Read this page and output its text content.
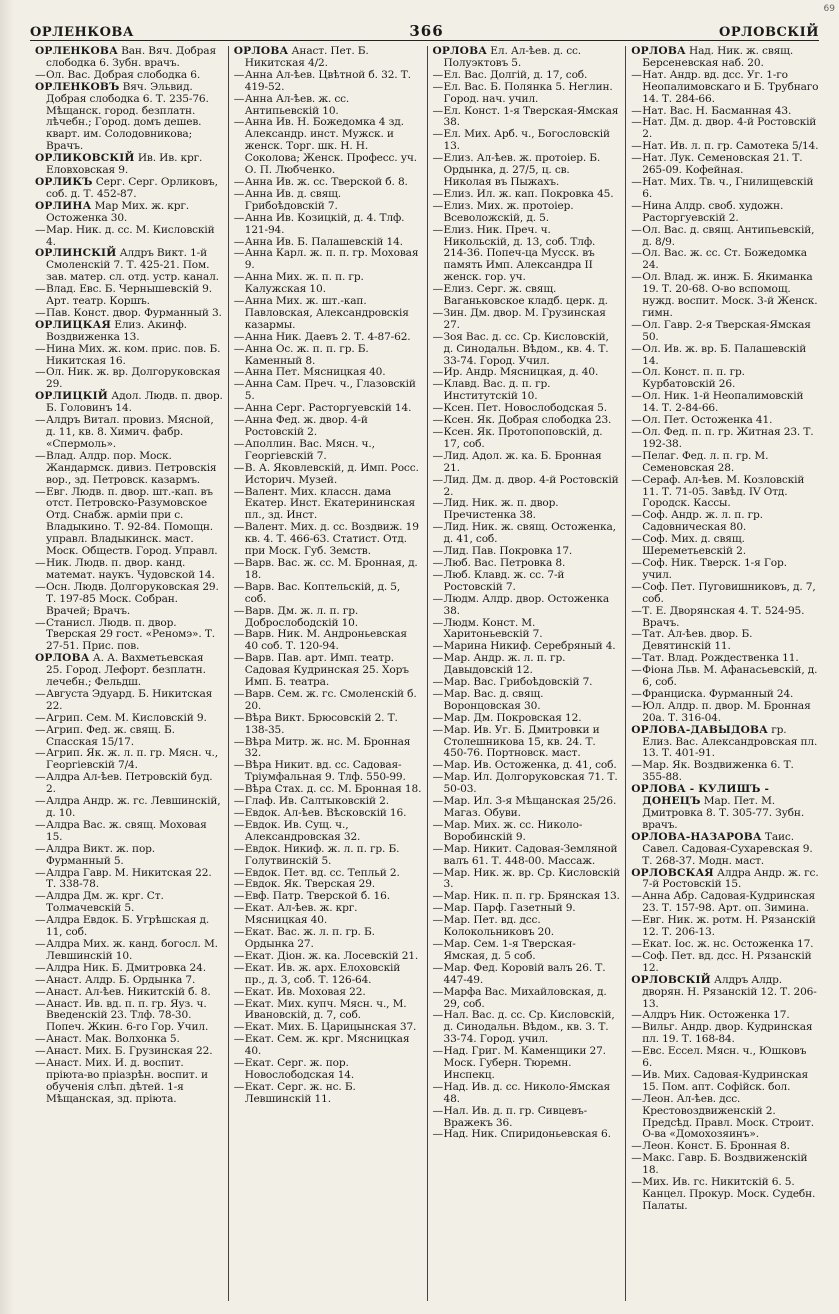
69
ОРЛЕНКОВА	366	ОРЛОВСКІЙ

ОРЛЕНКОВА Ван. Вяч. Добрая слободка 6. Зубн. врачъ.

—Ол. Вас. Добрая слободка 6.

ОРЛЕНКОВЪ Вяч. Эльвид. Добрая слободка 6. Т. 235-76. Мѣщанск. город. безплатн. лѣчебн.; Город. домъ дешев. кварт. им. Солодовникова; Врачъ.

ОРЛИКОВСКІЙ Ив. Ив. крг. Еловховская 9.

ОРЛИКЪ Серг. Серг. Орликовъ, соб. д. Т. 452-87.

ОРЛИНА Мар Мих. ж. крг. Остоженка 30.

—Мар. Ник. д. сс. М. Кисловскій 4.

ОРЛИНСКІЙ Алдръ Викт. 1-й Смоленскій 7. Т. 425-21. Пом. зав. матер. сл. отд. устр. канал.

—Влад. Евс. Б. Чернышевскій 9. Арт. театр. Коршъ.

—Пав. Конст. двор. Фурманный 3.

ОРЛИЦКАЯ Елиз. Акинф. Воздвиженка 13.

—Нина Мих. ж. ком. прис. пов. Б. Никитская 16.

—Ол. Ник. ж. вр. Долгоруковская 29.

ОРЛИЦКІЙ Адол. Людв. п. двор. Б. Головинъ 14.

—Алдръ Витал. провиз. Мясной, д. 11, кв. 8. Химич. фабр. «Спермоль».

—Влад. Алдр. пор. Моск. Жандармск. дивиз. Петровскія вор., зд. Петровск. казармъ.

—Евг. Людв. п. двор. шт.-кап. въ отст. Петровско-Разумовское Отд. Снабж. арміи при с. Владыкино. Т. 92-84. Помощн. управл. Владыкинск. маст. Моск. Обществ. Город. Управл.

—Ник. Людв. п. двор. канд. математ. наукъ. Чудовской 14.

—Осн. Людв. Долгоруковская 29. Т. 197-85 Моск. Собран. Врачей; Врачъ.

—Станисл. Людв. п. двор. Тверская 29 гост. «Реномэ». Т. 27-51. Прис. пов.

ОРЛОВА А. А. Вахметьевская 25. Город. Лефорт. безплатн. лечебн.; Фельдш.

—Августа Эдуард. Б. Никитская 22.

—Агрип. Сем. М. Кисловскій 9.

—Агрип. Фед. ж. свящ. Б. Спасская 15/17.

—Агрип. Як. ж. л. п. гр. Мясн. ч., Георгіевскій 7/4.

—Алдра Ал-ѣев. Петровскій буд. 2.

—Алдра Андр. ж. гс. Левшинскій, д. 10.

—Алдра Вас. ж. свящ. Моховая 15.

—Алдра Викт. ж. пор. Фурманный 5.

—Алдра Гавр. М. Никитская 22. Т. 338-78.

—Алдра Дм. ж. крг. Ст. Толмачевскій 5.

—Алдра Евдок. Б. Угрѣшская д. 11, соб.

—Алдра Мих. ж. канд. богосл. М. Левшинскій 10.

—Алдра Ник. Б. Дмитровка 24.

—Анаст. Алдр. Б. Ордынка 7.

—Анаст. Ал-ѣев. Никитскій б. 8.

—Анаст. Ив. вд. п. п. гр. Яуз. ч. Введенскій 23. Тлф. 78-30. Попеч. Жкин. 6-го Гор. Учил.

—Анаст. Мак. Волхонка 5.

—Анаст. Мих. Б. Грузинская 22.

—Анаст. Мих. И. д. воспит. пріюта-во пріазрѣн. воспит. и обученія слѣп. дѣтей. 1-я Мѣщанская, зд. пріюта.

ОРЛОВА Анаст. Пет. Б. Никитская 4/2.

—Анна Ал-ѣев. Цвѣтной б. 32. Т. 419-52.

—Анна Ал-ѣев. ж. сс. Антипьевскій 10.

—Анна Ив. Н. Божедомка 4 зд. Александр. инст. Мужск. и женск. Торг. шк. Н. Н. Соколова; Женск. Професс. уч. О. П. Любченко.

—Анна Ив. ж. сс. Тверской б. 8.

—Анна Ив. д. свящ. Грибоѣдовскій 7.

—Анна Ив. Козицкій, д. 4. Тлф. 121-94.

—Анна Ив. Б. Палашевскій 14.

—Анна Карл. ж. п. п. гр. Моховая 9.

—Анна Мих. ж. п. п. гр. Калужская 10.

—Анна Мих. ж. шт.-кап. Павловская, Александровскія казармы.

—Анна Ник. Даевъ 2. Т. 4-87-62.

—Анна Ос. ж. п. п. гр. Б. Каменный 8.

—Анна Пет. Мясницкая 40.

—Анна Сам. Преч. ч., Глазовскій 5.

—Анна Серг. Расторгуевскій 14.

—Анна Фед. ж. двор. 4-й Ростовскій 2.

—Аполлин. Вас. Мясн. ч., Георгіевскій 7.

—В. А. Яковлевскій, д. Имп. Росс. Историч. Музей.

—Валент. Мих. классн. дама Екатер. Инст. Екатерининская пл., зд. Инст.

—Валент. Мих. д. сс. Воздвиж. 19 кв. 4. Т. 466-63. Статист. Отд. при Моск. Губ. Земств.

—Варв. Вас. ж. сс. М. Бронная, д. 18.

—Варв. Вас. Коптельскій, д. 5, соб.

—Варв. Дм. ж. л. п. гр. Доброслободскій 10.

—Варв. Ник. М. Андроньевская 40 соб. Т. 120-94.

—Варв. Пав. арт. Имп. театр. Садовая Кудринская 25. Хоръ Имп. Б. театра.

—Варв. Сем. ж. гс. Смоленскій б. 20.

—Вѣра Викт. Брюсовскій 2. Т. 138-35.

—Вѣра Митр. ж. нс. М. Бронная 32.

—Вѣра Никит. вд. сс. Садовая-Трiумфальная 9. Тлф. 550-99.

—Вѣра Стах. д. сс. М. Бронная 18.

—Глаф. Ив. Салтыковскій 2.

—Евдок. Ал-ѣев. Вѣсковскій 16.

—Евдок. Ив. Сущ. ч., Александровская 32.

—Евдок. Никиф. ж. л. п. гр. Б. Голутвинскій 5.

—Евдок. Пет. вд. сс. Тепльй 2.

—Евдок. Як. Тверская 29.

—Евф. Патр. Тверской б. 16.

—Екат. Ал-ѣев. ж. крг. Мясницкая 40.

—Екат. Вас. ж. л. п. гр. Б. Ордынка 27.

—Екат. Діон. ж. ка. Лосевскій 21.

—Екат. Ив. ж. арх. Елоховскій пр., д. 3, соб. Т. 126-64.

—Екат. Ив. Моховая 22.

—Екат. Мих. купч. Мясн. ч., М. Ивановскій, д. 7, соб.

—Екат. Мих. Б. Царицынская 37.

—Екат. Сем. ж. крг. Мясницкая 40.

—Екат. Серг. ж. пор. Новослободская 14.

—Екат. Серг. ж. нс. Б. Левшинскій 11.

ОРЛОВА Ел. Ал-ѣев. д. сс. Полуэктовъ 5.

—Ел. Вас. Долгій, д. 17, соб.

—Ел. Вас. Б. Полянка 5. Неглин. Город. нач. учил.

—Ел. Конст. 1-я Тверская-Ямская 38.

—Ел. Мих. Арб. ч., Богословскій 13.

—Елиз. Ал-ѣев. ж. протоіер. Б. Ордынка, д. 27/5, ц. св. Николая въ Пыжахъ.

—Елиз. Ил. ж. кап. Покровка 45.

—Елиз. Мих. ж. протоіер. Всеволожскій, д. 5.

—Елиз. Ник. Преч. ч. Никольскій, д. 13, соб. Тлф. 214-36. Попеч-ца Мусск. въ память Имп. Александра II женск. гор. уч.

—Елиз. Серг. ж. свящ. Ваганьковское кладб. церк. д.

—Зин. Дм. двор. М. Грузинская 27.

—Зоя Вас. д. сс. Ср. Кисловскій, д. Синодальн. Вѣдом., кв. 4. Т. 33-74. Город. Учил.

—Ир. Андр. Мясницкая, д. 40.

—Клавд. Вас. д. п. гр. Институтскій 10.

—Ксен. Пет. Новослободская 5.

—Ксен. Як. Добрая слободка 23.

—Ксен. Як. Протопоповскій, д. 17, соб.

—Лид. Адол. ж. ка. Б. Бронная 21.

—Лид. Дм. д. двор. 4-й Ростовскій 2.

—Лид. Ник. ж. п. двор. Пречистенка 38.

—Лид. Ник. ж. свящ. Остоженка, д. 41, соб.

—Лид. Пав. Покровка 17.

—Люб. Вас. Петровка 8.

—Люб. Клавд. ж. сс. 7-й Ростовскій 7.

—Людм. Алдр. двор. Остоженка 38.

—Людм. Конст. М. Харитоньевскій 7.

—Марина Никиф. Серебряный 4.

—Мар. Андр. ж. л. п. гр. Давыдовскій 12.

—Мар. Вас. Грибоѣдовскій 7.

—Мар. Вас. д. свящ. Воронцовская 30.

—Мар. Дм. Покровская 12.

—Мар. Ив. Уг. Б. Дмитровки и Столешникова 15, кв. 24. Т. 450-76. Портновск. маст.

—Мар. Ив. Остоженка, д. 41, соб.

—Мар. Ил. Долгоруковская 71. Т. 50-03.

—Мар. Ил. 3-я Мѣщанская 25/26. Магаз. Обуви.

—Мар. Мих. ж. сс. Николо-Воробинскій 9.

—Мар. Никит. Садовая-Земляной валъ 61. Т. 448-00. Массаж.

—Мар. Ник. ж. вр. Ср. Кисловскій 3.

—Мар. Ник. п. п. гр. Брянская 13.

—Мар. Парф. Газетный 9.

—Мар. Пет. вд. дсс. Колокольниковъ 20.

—Мар. Сем. 1-я Тверская-Ямская, д. 5 соб.

—Мар. Фед. Коровій валъ 26. Т. 447-49.

—Марфа Вас. Михайловская, д. 29, соб.

—Нал. Вас. д. сс. Ср. Кисловскій, д. Синодальн. Вѣдом., кв. 3. Т. 33-74. Город. учил.

—Над. Григ. М. Каменщики 27. Моск. Губерн. Тюремн. Инспекц.

—Над. Ив. д. сс. Николо-Ямская 48.

—Нал. Ив. д. п. гр. Сивцевъ-Вражекъ 36.

—Над. Ник. Спиридоньевская 6.

ОРЛОВА Над. Ник. ж. свящ. Берсеневская наб. 20.

—Нат. Андр. вд. дсс. Уг. 1-го Неопалимовскаго и Б. Трубнаго 14. Т. 284-66.

—Нат. Вас. Н. Басманная 43.

—Нат. Дм. д. двор. 4-й Ростовскій 2.

—Нат. Ив. л. п. гр. Самотека 5/14.

—Нат. Лук. Семеновская 21. Т. 265-09. Кофейная.

—Нат. Мих. Тв. ч., Гнилищевскій 6.

—Нина Алдр. своб. художн. Расторгуевскій 2.

—Ол. Вас. д. свящ. Антипьевскій, д. 8/9.

—Ол. Вас. ж. сс. Ст. Божедомка 24.

—Ол. Влад. ж. инж. Б. Якиманка 19. Т. 20-68. О-во вспомощ. нужд. воспит. Моск. 3-й Женск. гимн.

—Ол. Гавр. 2-я Тверская-Ямская 50.

—Ол. Ив. ж. вр. Б. Палашевскій 14.

—Ол. Конст. п. п. гр. Курбатовскій 26.

—Ол. Ник. 1-й Неопалимовскій 14. Т. 2-84-66.

—Ол. Пет. Остоженка 41.

—Ол. Фед. п. п. гр. Житная 23. Т. 192-38.

—Пелаг. Фед. л. п. гр. М. Семеновская 28.

—Сераф. Ал-ѣев. М. Козловскій 11. Т. 71-05. Завѣд. IV Отд. Городск. Кассы.

—Соф. Андр. ж. л. п. гр. Садовническая 80.

—Соф. Мих. д. свящ. Шереметьевскій 2.

—Соф. Ник. Тверск. 1-я Гор. учил.

—Соф. Пет. Пуговишниковъ, д. 7, соб.

—Т. Е. Дворянская 4. Т. 524-95. Врачъ.

—Тат. Ал-ѣев. двор. Б. Девятинскій 11.

—Тат. Влад. Рождественка 11.

—Фіона Льв. М. Афанасьевскій, д. 6, соб.

—Франциска. Фурманный 24.

—Юл. Алдр. п. двор. М. Бронная 20а. Т. 316-04.

ОРЛОВА-ДАВЫДОВА гр. Елиз. Вас. Александровская пл. 13. Т. 401-91.

—Мар. Як. Воздвиженка 6. Т. 355-88.

ОРЛОВА - КУЛИШЪ - ДОНЕЦЪ Мар. Пет. М. Дмитровка 8. Т. 305-77. Зубн. врачъ.

ОРЛОВА-НАЗАРОВА Таис. Савел. Садовая-Сухаревская 9. Т. 268-37. Модн. маст.

ОРЛОВСКАЯ Алдра Андр. ж. гс. 7-й Ростовскій 15.

—Анна Абр. Садовая-Кудринская 23. Т. 157-98. Арт. оп. Зимина.

—Евг. Ник. ж. ротм. Н. Рязанскій 12. Т. 206-13.

—Екат. Іос. ж. нс. Остоженка 17.

—Соф. Пет. вд. дсс. Н. Рязанскій 12.

ОРЛОВСКІЙ Алдръ Алдр. дворян. Н. Рязанскій 12. Т. 206-13.

—Алдръ Ник. Остоженка 17.

—Вильг. Андр. двор. Кудринская пл. 19. Т. 168-84.

—Евс. Ессел. Мясн. ч., Юшковъ 6.

—Ив. Мих. Садовая-Кудринская 15. Пом. апт. Софійск. бол.

—Леон. Ал-ѣев. дсс. Крестовоздвиженскій 2. Предсѣд. Правл. Моск. Строит. О-ва «Домохозяинъ».

—Леон. Конст. Б. Бронная 8.

—Макс. Гавр. Б. Воздвиженскій 18.

—Мих. Ив. гс. Никитскій 6. 5. Канцел. Прокур. Моск. Судебн. Палаты.
